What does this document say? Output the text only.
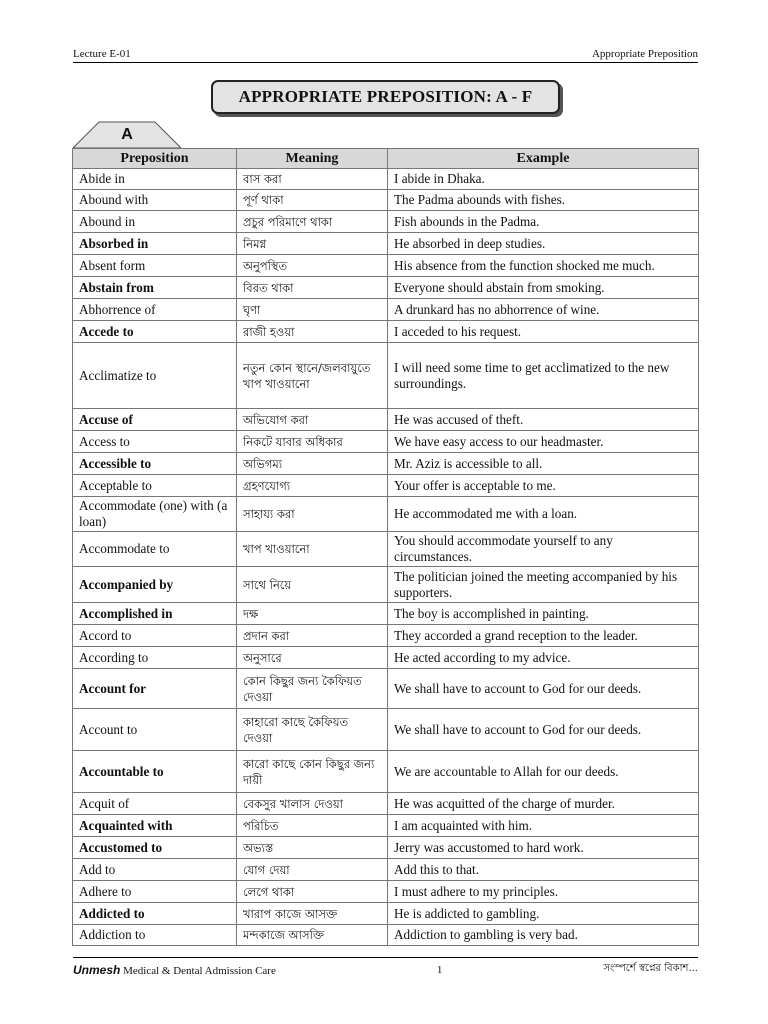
Lecture E-01	Appropriate Preposition
APPROPRIATE PREPOSITION: A - F
A
Preposition	Meaning	Example
Abide in	বাস করা	I abide in Dhaka.
Abound with	পূর্ণ থাকা	The Padma abounds with fishes.
Abound in	প্রচুর পরিমাণে থাকা	Fish abounds in the Padma.
Absorbed in	নিমগ্ন	He absorbed in deep studies.
Absent form	অনুপস্থিত	His absence from the function shocked me much.
Abstain from	বিরত থাকা	Everyone should abstain from smoking.
Abhorrence of	ঘৃণা	A drunkard has no abhorrence of wine.
Accede to	রাজী হওয়া	I acceded to his request.
Acclimatize to	নতুন কোন স্থানে/জলবায়ুতে খাপ খাওয়ানো	I will need some time to get acclimatized to the new surroundings.
Accuse of	অভিযোগ করা	He was accused of theft.
Access to	নিকটে যাবার অধিকার	We have easy access to our headmaster.
Accessible to	অভিগম্য	Mr. Aziz is accessible to all.
Acceptable to	গ্রহণযোগ্য	Your offer is acceptable to me.
Accommodate (one) with (a loan)	সাহায্য করা	He accommodated me with a loan.
Accommodate to	খাপ খাওয়ানো	You should accommodate yourself to any circumstances.
Accompanied by	সাথে নিয়ে	The politician joined the meeting accompanied by his supporters.
Accomplished in	দক্ষ	The boy is accomplished in painting.
Accord to	প্রদান করা	They accorded a grand reception to the leader.
According to	অনুসারে	He acted according to my advice.
Account for	কোন কিছুর জন্য কৈফিয়ত দেওয়া	We shall have to account to God for our deeds.
Account to	কাহারো কাছে কৈফিয়ত দেওয়া	We shall have to account to God for our deeds.
Accountable to	কারো কাছে কোন কিছুর জন্য দায়ী	We are accountable to Allah for our deeds.
Acquit of	বেকসুর খালাস দেওয়া	He was acquitted of the charge of murder.
Acquainted with	পরিচিত	I am acquainted with him.
Accustomed to	অভ্যস্ত	Jerry was accustomed to hard work.
Add to	যোগ দেয়া	Add this to that.
Adhere to	লেগে থাকা	I must adhere to my principles.
Addicted to	খারাপ কাজে আসক্ত	He is addicted to gambling.
Addiction to	মন্দকাজে আসক্তি	Addiction to gambling is very bad.
Unmesh Medical & Dental Admission Care	1	সংস্পর্শে স্বপ্নের বিকাশ...
